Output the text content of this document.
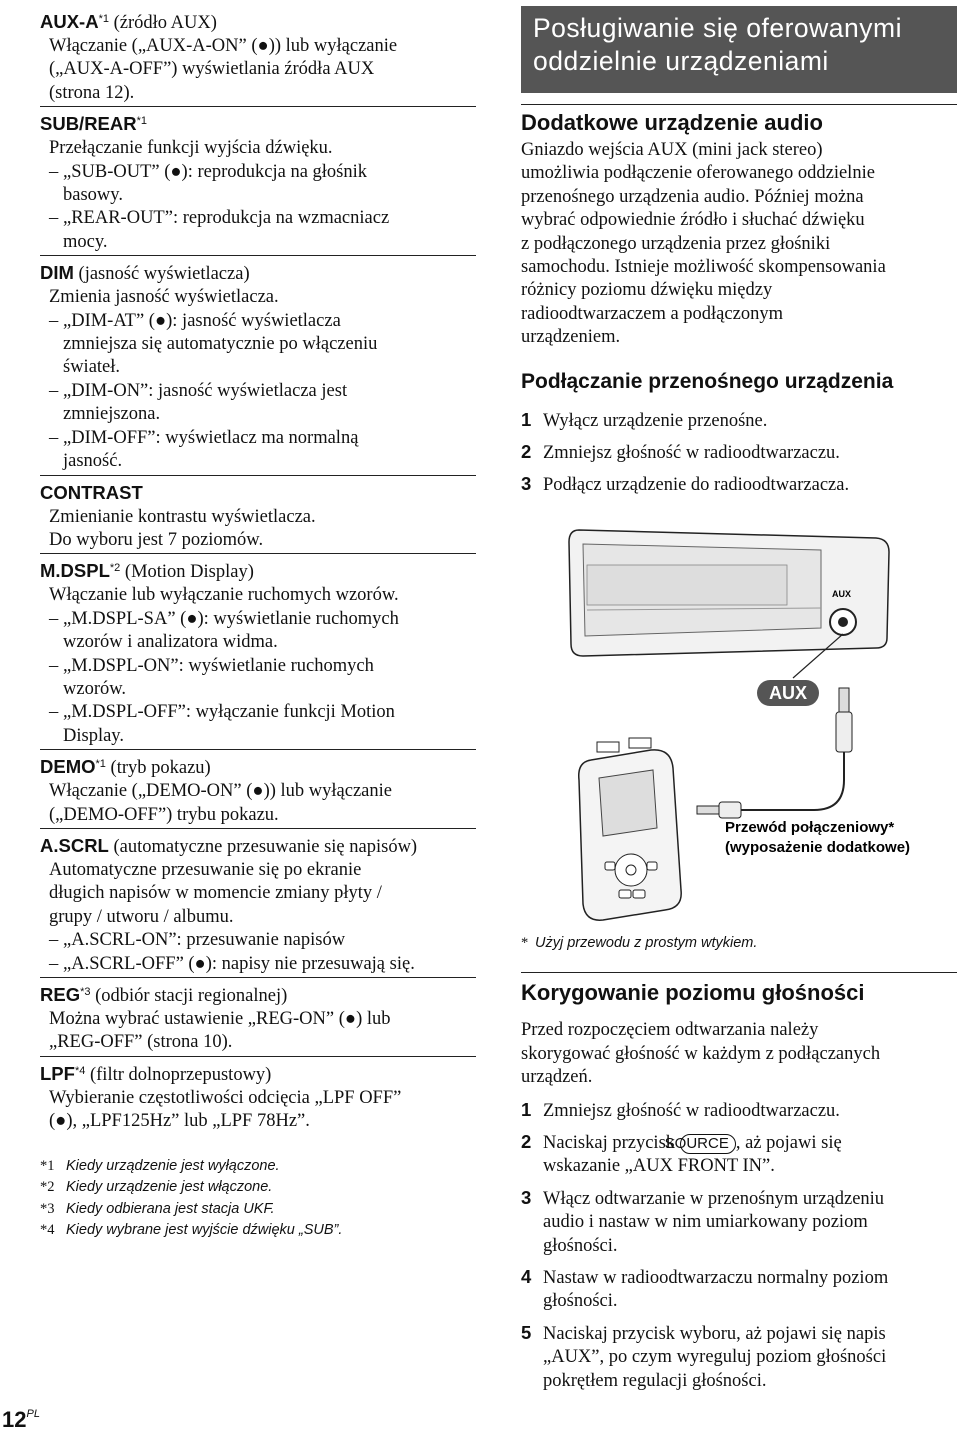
AUX-$A^{*1}$ (źródło AUX)
Włączanie („AUX-A-ON” (●)) lub wyłączanie
(„AUX-A-OFF”) wyświetlania źródła AUX
(strona 12).
SUB/REAR$^{*1}$
Przełączanie funkcji wyjścia dźwięku.
– „SUB-OUT” (●): reprodukcja na głośnik
basowy.
– „REAR-OUT”: reprodukcja na wzmacniacz
mocy.
DIM (jasność wyświetlacza)
Zmienia jasność wyświetlacza.
– „DIM-AT” (●): jasność wyświetlacza
zmniejsza się automatycznie po włączeniu
świateł.
– „DIM-ON”: jasność wyświetlacza jest
zmniejszona.
– „DIM-OFF”: wyświetlacz ma normalną
jasność.
CONTRAST
Zmienianie kontrastu wyświetlacza.
Do wyboru jest 7 poziomów.
M.DSPL$^{*2}$ (Motion Display)
Włączanie lub wyłączanie ruchomych wzorów.
– „M.DSPL-SA” (●): wyświetlanie ruchomych
wzorów i analizatora widma.
– „M.DSPL-ON”: wyświetlanie ruchomych
wzorów.
– „M.DSPL-OFF”: wyłączanie funkcji Motion
Display.
DEMO$^{*1}$ (tryb pokazu)
Włączanie („DEMO-ON” (●)) lub wyłączanie
(„DEMO-OFF”) trybu pokazu.
A.SCRL (automatyczne przesuwanie się napisów)
Automatyczne przesuwanie się po ekranie
długich napisów w momencie zmiany płyty /
grupy / utworu / albumu.
– „A.SCRL-ON”: przesuwanie napisów
– „A.SCRL-OFF” (●): napisy nie przesuwają się.
REG$^{*3}$ (odbiór stacji regionalnej)
Można wybrać ustawienie „REG-ON” (●) lub
„REG-OFF” (strona 10).
LPF$^{*4}$ (filtr dolnoprzepustowy)
Wybieranie częstotliwości odcięcia „LPF OFF”
(●), „LPF125Hz” lub „LPF 78Hz”.
*1 Kiedy urządzenie jest wyłączone.
*2 Kiedy urządzenie jest włączone.
*3 Kiedy odbierana jest stacja UKF.
*4 Kiedy wybrane jest wyjście dźwięku „SUB”.
$12^{PL}$
Posługiwanie się oferowanymi
oddzielnie urządzeniami
Dodatkowe urządzenie audio
Gniazdo wejścia AUX (mini jack stereo)
umożliwia podłączenie oferowanego oddzielnie
przenośnego urządzenia audio. Później można
wybrać odpowiednie źródło i słuchać dźwięku
z podłączonego urządzenia przez głośniki
samochodu. Istnieje możliwość skompensowania
różnicy poziomu dźwięku między
radioodtwarzaczem a podłączonym
urządzeniem.
Podłączanie przenośnego urządzenia
1 Wyłącz urządzenie przenośne.
2 Zmniejsz głośność w radioodtwarzaczu.
3 Podłącz urządzenie do radioodtwarzacza.
AUX
AUX
Przewód połączeniowy*
(wyposażenie dodatkowe)
* Użyj przewodu z prostym wtykiem.
Korygowanie poziomu głośności
Przed rozpoczęciem odtwarzania należy
skorygować głośność w każdym z podłączanych
urządzeń.
1 Zmniejsz głośność w radioodtwarzaczu.
2 Naciskaj przycisk SOURCE , aż pojawi się
wskazanie „AUX FRONT IN”.
3 Włącz odtwarzanie w przenośnym urządzeniu
audio i nastaw w nim umiarkowany poziom
głośności.
4 Nastaw w radioodtwarzaczu normalny poziom
głośności.
5 Naciskaj przycisk wyboru, aż pojawi się napis
„AUX”, po czym wyreguluj poziom głośności
pokrętłem regulacji głośności.
